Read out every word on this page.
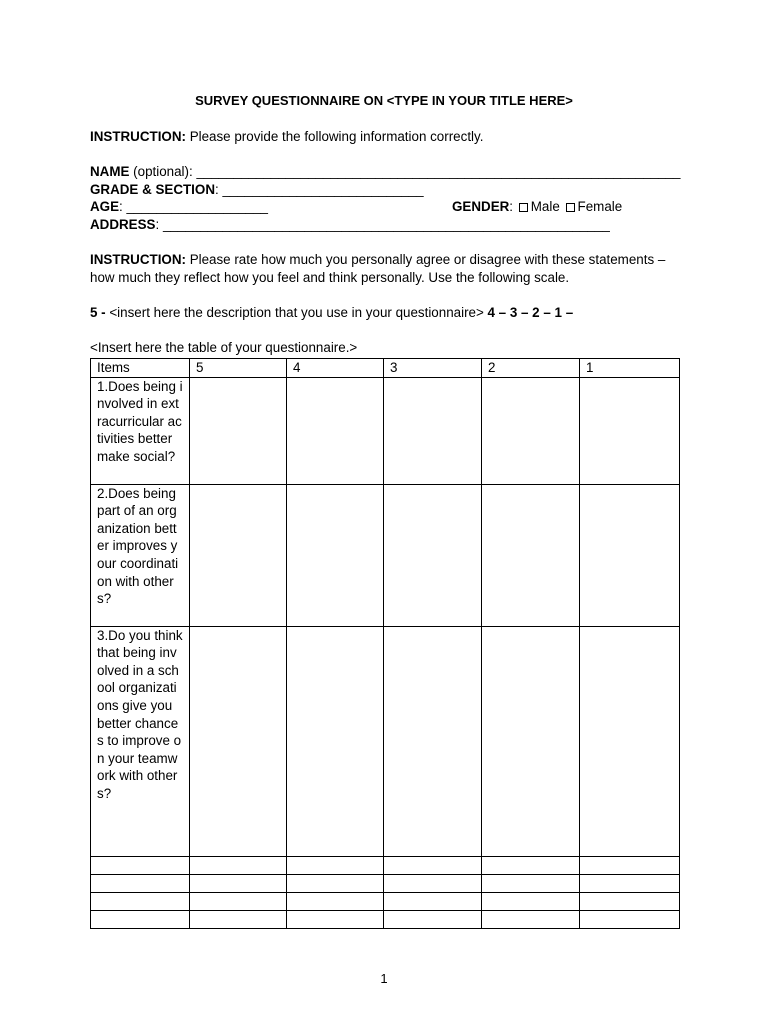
SURVEY QUESTIONNAIRE ON <TYPE IN YOUR TITLE HERE>
INSTRUCTION: Please provide the following information correctly.
NAME (optional): _________________________________________________________________
GRADE & SECTION: ___________________________
AGE: ___________________	GENDER: Male Female
ADDRESS: ____________________________________________________________
INSTRUCTION: Please rate how much you personally agree or disagree with these statements – how much they reflect how you feel and think personally. Use the following scale.
5 - <insert here the description that you use in your questionnaire> 4 – 3 – 2 – 1 –
<Insert here the table of your questionnaire.>
Items	5	4	3	2	1
1.Does being involved in extracurricular activities better make social?					
2.Does being part of an organization better improves your coordination with others?					
3.Do you think that being involved in a school organizations give you better chances to improve on your teamwork with others?					

1
